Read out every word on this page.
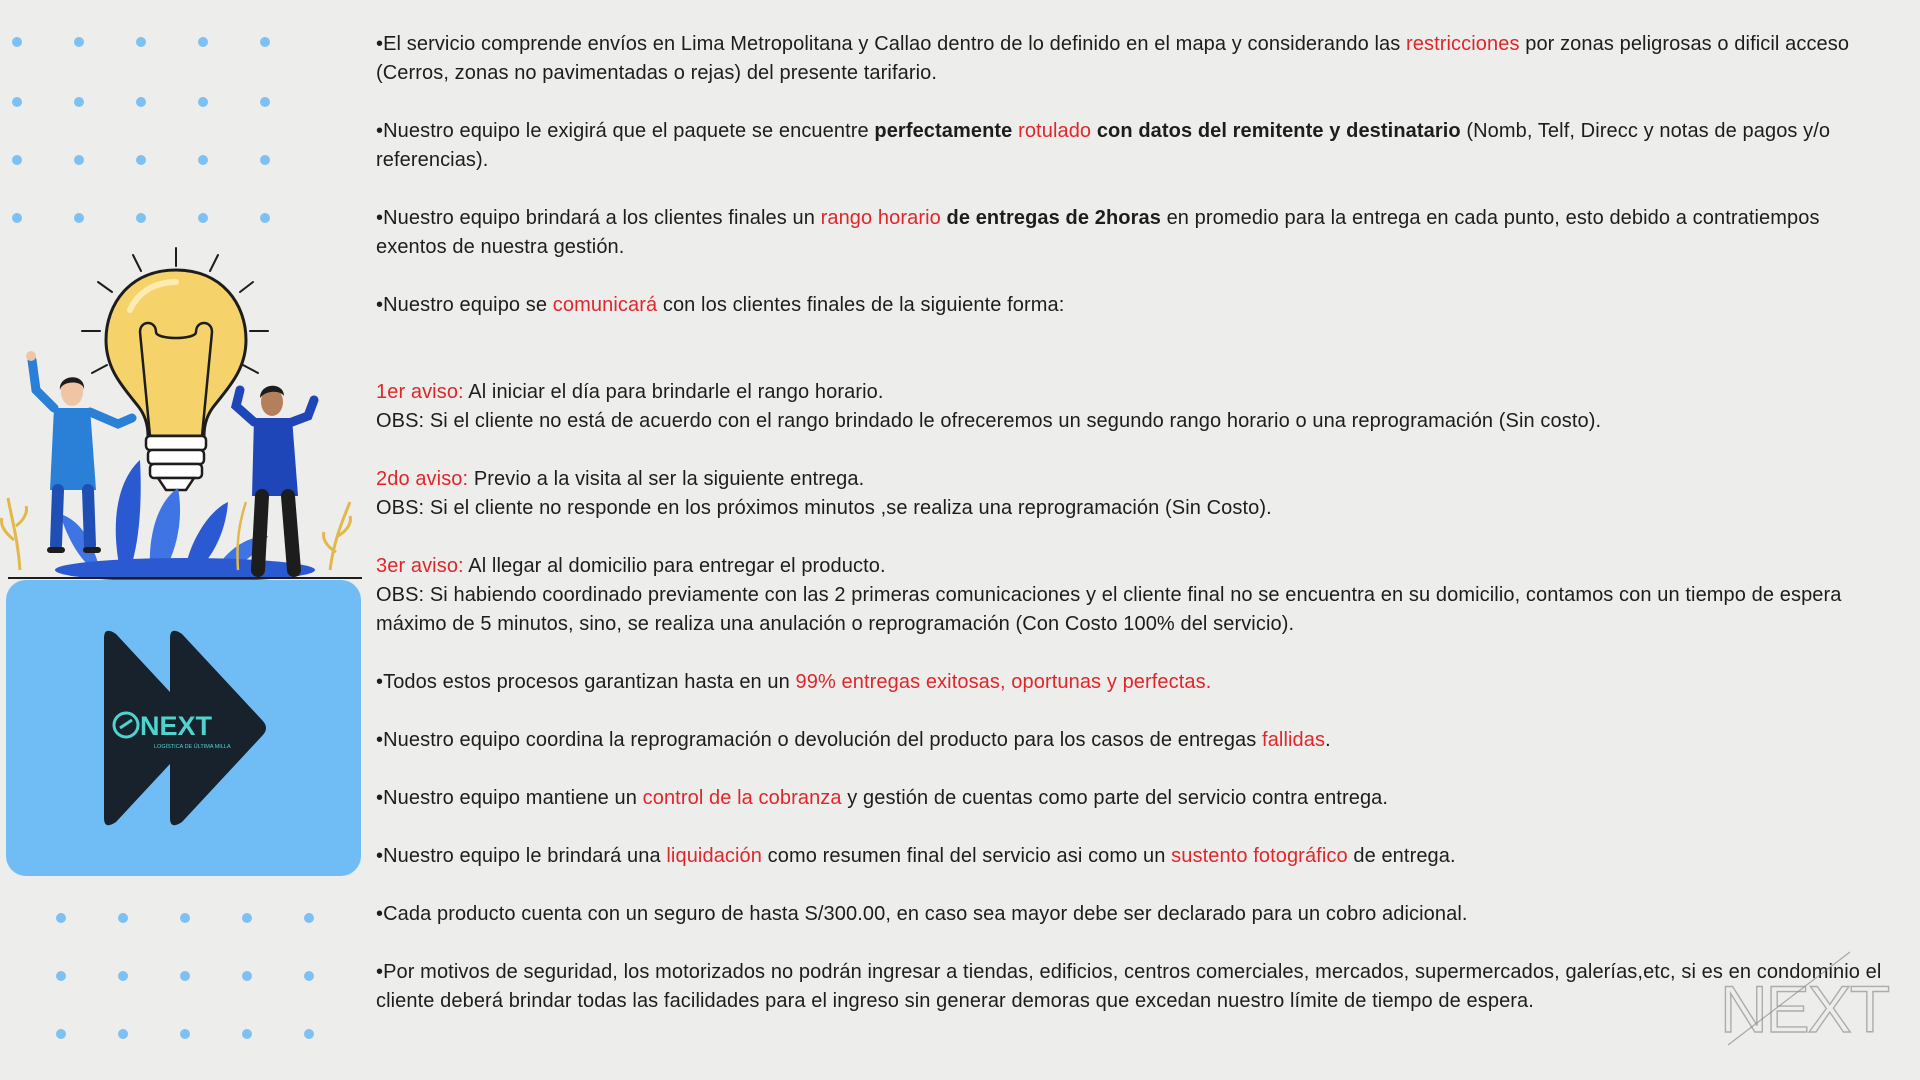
NEXT
LOGÍSTICA DE ÚLTIMA MILLA

•El servicio comprende envíos en Lima Metropolitana y Callao dentro de lo definido en el mapa y considerando las restricciones por zonas peligrosas o dificil acceso (Cerros, zonas no pavimentadas o rejas) del presente tarifario.

•Nuestro equipo le exigirá que el paquete se encuentre perfectamente rotulado con datos del remitente y destinatario (Nomb, Telf, Direcc y notas de pagos y/o referencias).

•Nuestro equipo brindará a los clientes finales un rango horario de entregas de 2horas en promedio para la entrega en cada punto, esto debido a contratiempos exentos de nuestra gestión.

•Nuestro equipo se comunicará con los clientes finales de la siguiente forma:

1er aviso: Al iniciar el día para brindarle el rango horario.
OBS: Si el cliente no está de acuerdo con el rango brindado le ofreceremos un segundo rango horario o una reprogramación (Sin costo).

2do aviso: Previo a la visita al ser la siguiente entrega.
OBS: Si el cliente no responde en los próximos minutos ,se realiza una reprogramación (Sin Costo).

3er aviso: Al llegar al domicilio para entregar el producto.
OBS: Si habiendo coordinado previamente con las 2 primeras comunicaciones y el cliente final no se encuentra en su domicilio, contamos con un tiempo de espera máximo de 5 minutos, sino, se realiza una anulación o reprogramación (Con Costo 100% del servicio).

•Todos estos procesos garantizan hasta en un 99% entregas exitosas, oportunas y perfectas.

•Nuestro equipo coordina la reprogramación o devolución del producto para los casos de entregas fallidas.

•Nuestro equipo mantiene un control de la cobranza y gestión de cuentas como parte del servicio contra entrega.

•Nuestro equipo le brindará una liquidación como resumen final del servicio asi como un sustento fotográfico de entrega.

•Cada producto cuenta con un seguro de hasta S/300.00, en caso sea mayor debe ser declarado para un cobro adicional.

•Por motivos de seguridad, los motorizados no podrán ingresar a tiendas, edificios, centros comerciales, mercados, supermercados, galerías,etc, si es en condominio el cliente deberá brindar todas las facilidades para el ingreso sin generar demoras que excedan nuestro límite de tiempo de espera.	NEXT
